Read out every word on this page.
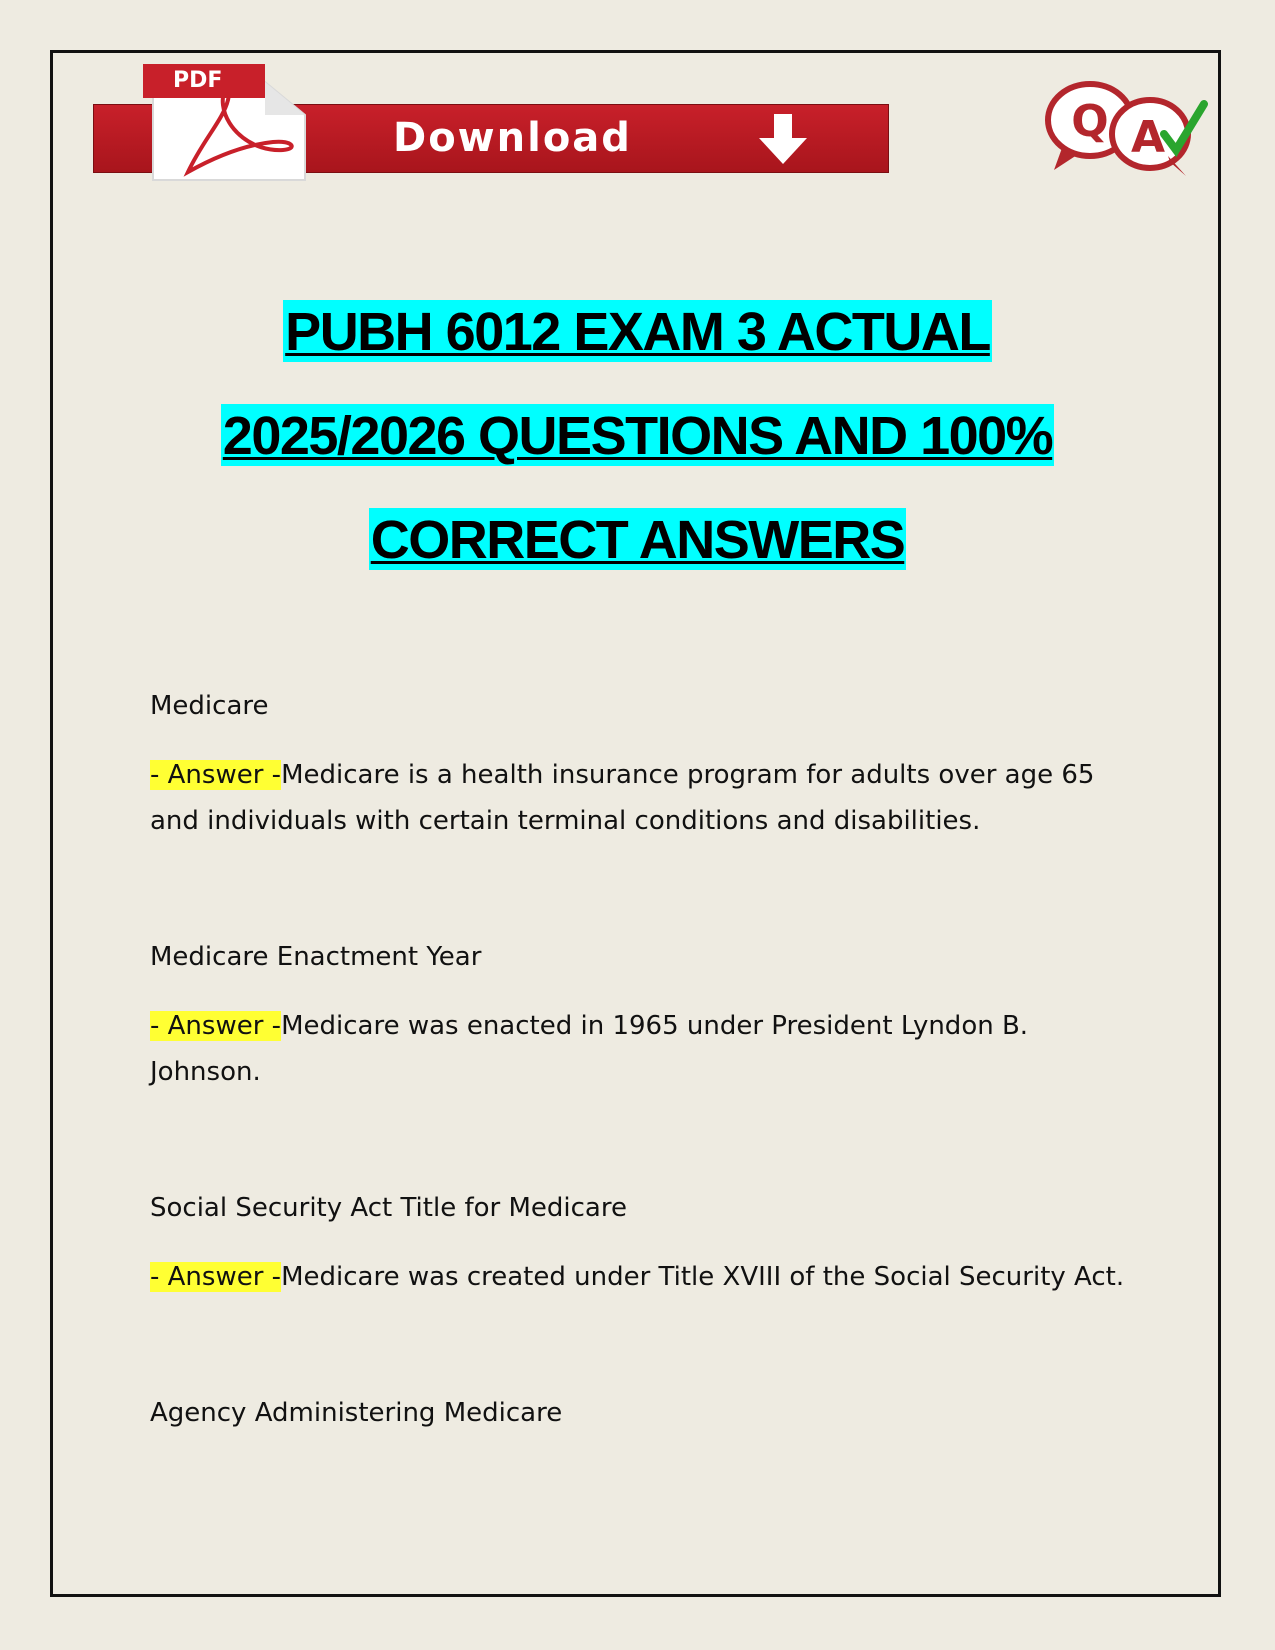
Download
PDF
Q A
PUBH 6012 EXAM 3 ACTUAL
2025/2026 QUESTIONS AND 100%
CORRECT ANSWERS

Medicare

- Answer -Medicare is a health insurance program for adults over age 65 and individuals with certain terminal conditions and disabilities.

Medicare Enactment Year

- Answer -Medicare was enacted in 1965 under President Lyndon B. Johnson.

Social Security Act Title for Medicare

- Answer -Medicare was created under Title XVIII of the Social Security Act.

Agency Administering Medicare
